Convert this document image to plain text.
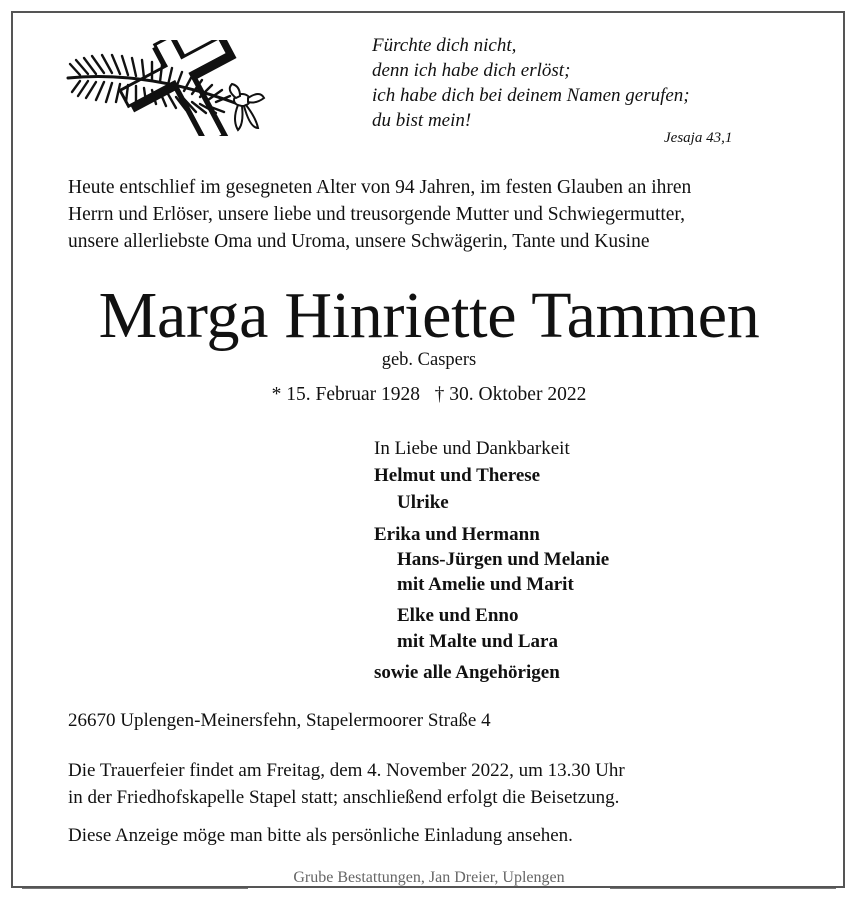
Fürchte dich nicht,
denn ich habe dich erlöst;
ich habe dich bei deinem Namen gerufen;
du bist mein!
Jesaja 43,1
Heute entschlief im gesegneten Alter von 94 Jahren, im festen Glauben an ihren
Herrn und Erlöser, unsere liebe und treusorgende Mutter und Schwiegermutter,
unsere allerliebste Oma und Uroma, unsere Schwägerin, Tante und Kusine
Marga Hinriette Tammen
geb. Caspers
* 15. Februar 1928   † 30. Oktober 2022
In Liebe und Dankbarkeit
Helmut und Therese
Ulrike
Erika und Hermann
Hans-Jürgen und Melanie
mit Amelie und Marit
Elke und Enno
mit Malte und Lara
sowie alle Angehörigen
26670 Uplengen-Meinersfehn, Stapelermoorer Straße 4
Die Trauerfeier findet am Freitag, dem 4. November 2022, um 13.30 Uhr
in der Friedhofskapelle Stapel statt; anschließend erfolgt die Beisetzung.
Diese Anzeige möge man bitte als persönliche Einladung ansehen.
Grube Bestattungen, Jan Dreier, Uplengen
